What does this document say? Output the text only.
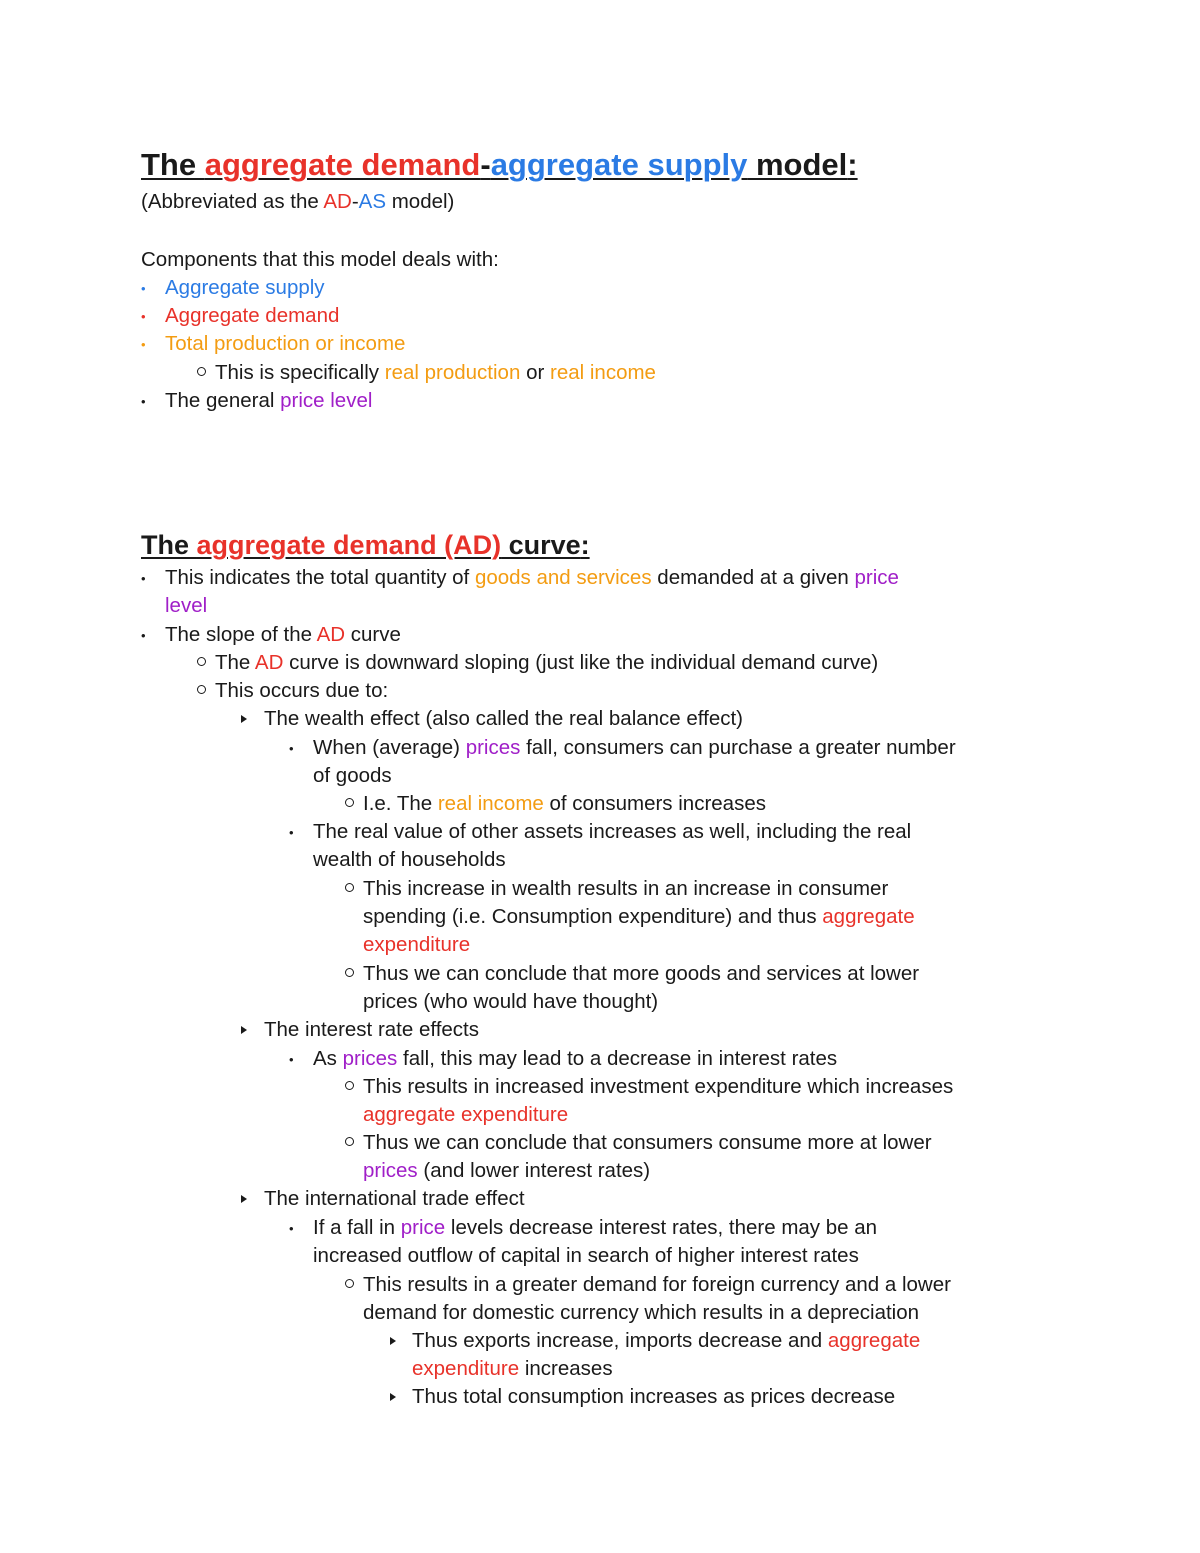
The aggregate demand-aggregate supply model:
(Abbreviated as the AD-AS model)
Components that this model deals with:
• Aggregate supply
• Aggregate demand
• Total production or income
This is specifically real production or real income
• The general price level
The aggregate demand (AD) curve:
• This indicates the total quantity of goods and services demanded at a given price
level
• The slope of the AD curve
The AD curve is downward sloping (just like the individual demand curve)
This occurs due to:
The wealth effect (also called the real balance effect)
• When (average) prices fall, consumers can purchase a greater number
of goods
I.e. The real income of consumers increases
• The real value of other assets increases as well, including the real
wealth of households
This increase in wealth results in an increase in consumer
spending (i.e. Consumption expenditure) and thus aggregate
expenditure
Thus we can conclude that more goods and services at lower
prices (who would have thought)
The interest rate effects
• As prices fall, this may lead to a decrease in interest rates
This results in increased investment expenditure which increases
aggregate expenditure
Thus we can conclude that consumers consume more at lower
prices (and lower interest rates)
The international trade effect
• If a fall in price levels decrease interest rates, there may be an
increased outflow of capital in search of higher interest rates
This results in a greater demand for foreign currency and a lower
demand for domestic currency which results in a depreciation
Thus exports increase, imports decrease and aggregate
expenditure increases
Thus total consumption increases as prices decrease
